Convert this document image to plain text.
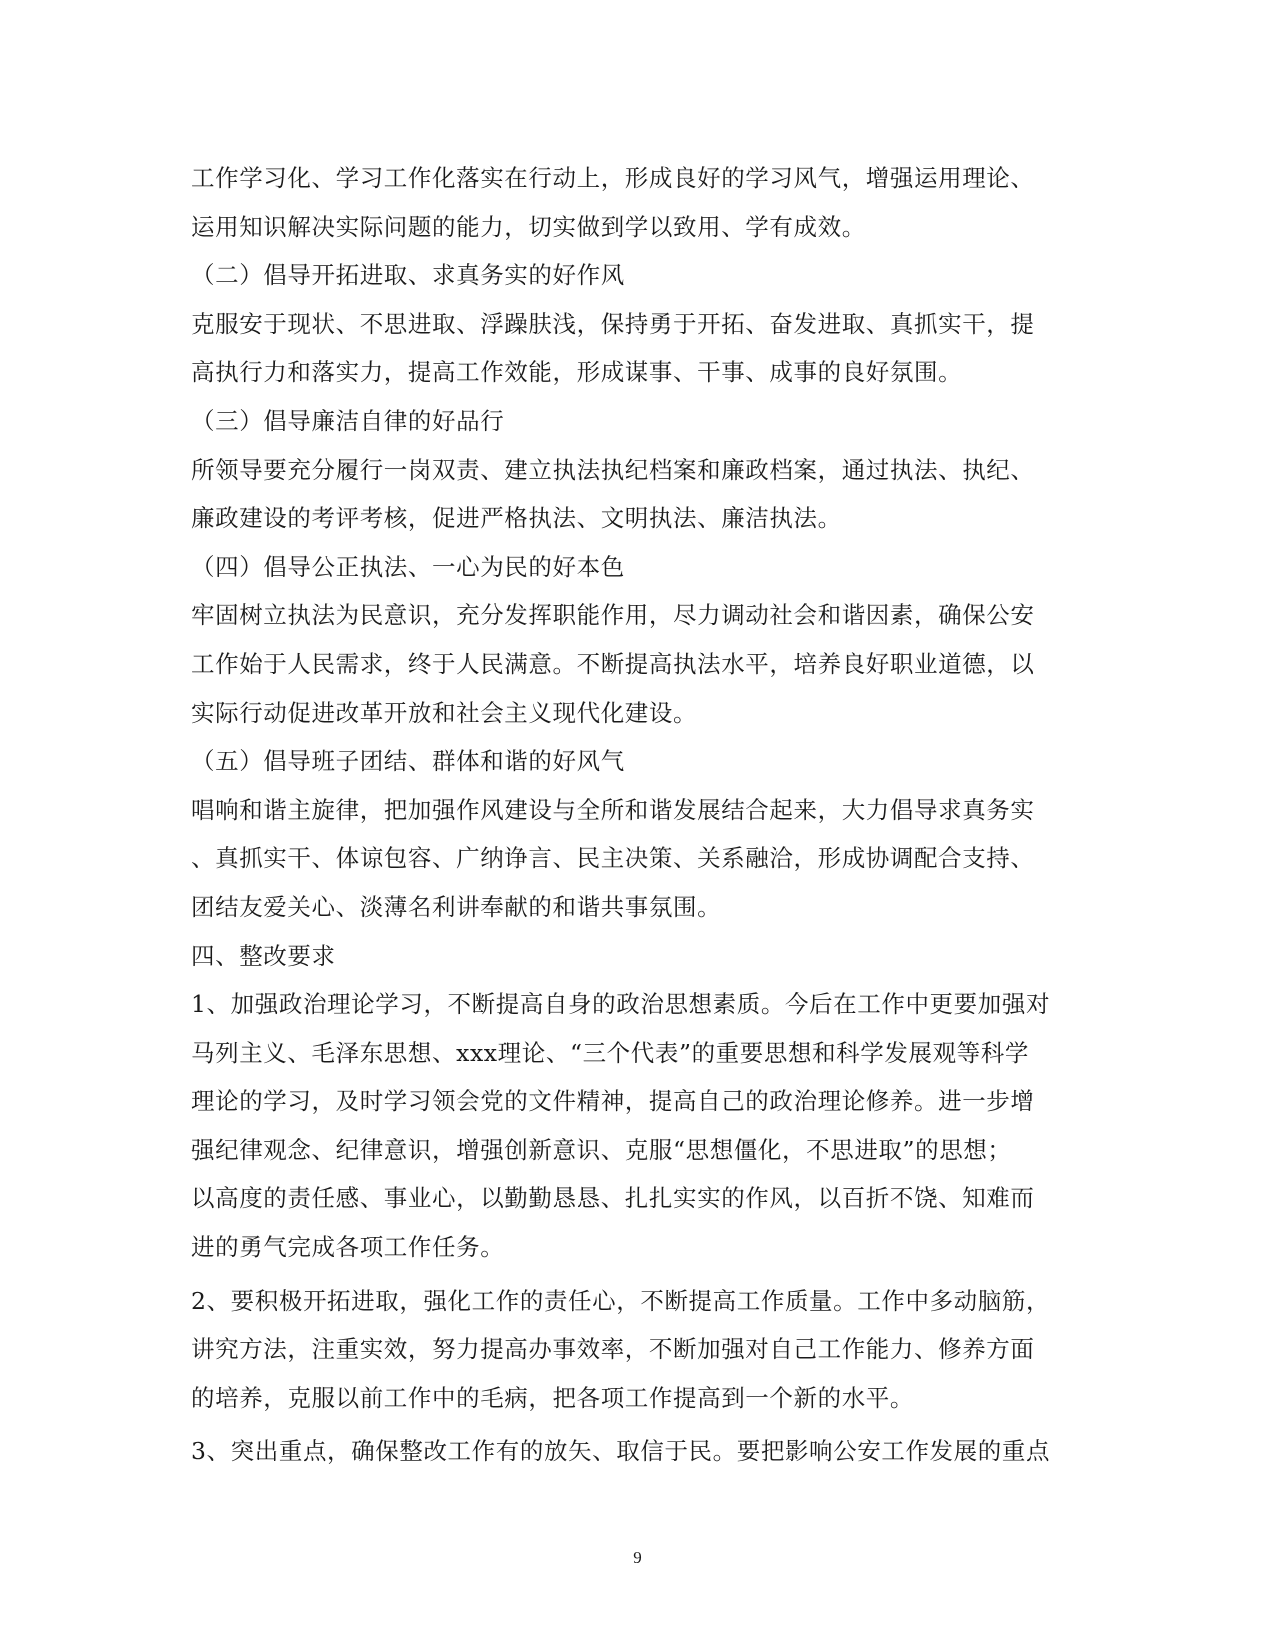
工作学习化、学习工作化落实在行动上，形成良好的学习风气，增强运用理论、
运用知识解决实际问题的能力，切实做到学以致用、学有成效。
（二）倡导开拓进取、求真务实的好作风
克服安于现状、不思进取、浮躁肤浅，保持勇于开拓、奋发进取、真抓实干，提
高执行力和落实力，提高工作效能，形成谋事、干事、成事的良好氛围。
（三）倡导廉洁自律的好品行
所领导要充分履行一岗双责、建立执法执纪档案和廉政档案，通过执法、执纪、
廉政建设的考评考核，促进严格执法、文明执法、廉洁执法。
（四）倡导公正执法、一心为民的好本色
牢固树立执法为民意识，充分发挥职能作用，尽力调动社会和谐因素，确保公安
工作始于人民需求，终于人民满意。不断提高执法水平，培养良好职业道德，以
实际行动促进改革开放和社会主义现代化建设。
（五）倡导班子团结、群体和谐的好风气
唱响和谐主旋律，把加强作风建设与全所和谐发展结合起来，大力倡导求真务实
、真抓实干、体谅包容、广纳诤言、民主决策、关系融洽，形成协调配合支持、
团结友爱关心、淡薄名利讲奉献的和谐共事氛围。
四、整改要求
1、加强政治理论学习，不断提高自身的政治思想素质。今后在工作中更要加强对
马列主义、毛泽东思想、xxx理论、“三个代表”的重要思想和科学发展观等科学
理论的学习，及时学习领会党的文件精神，提高自己的政治理论修养。进一步增
强纪律观念、纪律意识，增强创新意识、克服“思想僵化，不思进取”的思想；
以高度的责任感、事业心，以勤勤恳恳、扎扎实实的作风，以百折不饶、知难而
进的勇气完成各项工作任务。
2、要积极开拓进取，强化工作的责任心，不断提高工作质量。工作中多动脑筋，
讲究方法，注重实效，努力提高办事效率，不断加强对自己工作能力、修养方面
的培养，克服以前工作中的毛病，把各项工作提高到一个新的水平。
3、突出重点，确保整改工作有的放矢、取信于民。要把影响公安工作发展的重点
9
